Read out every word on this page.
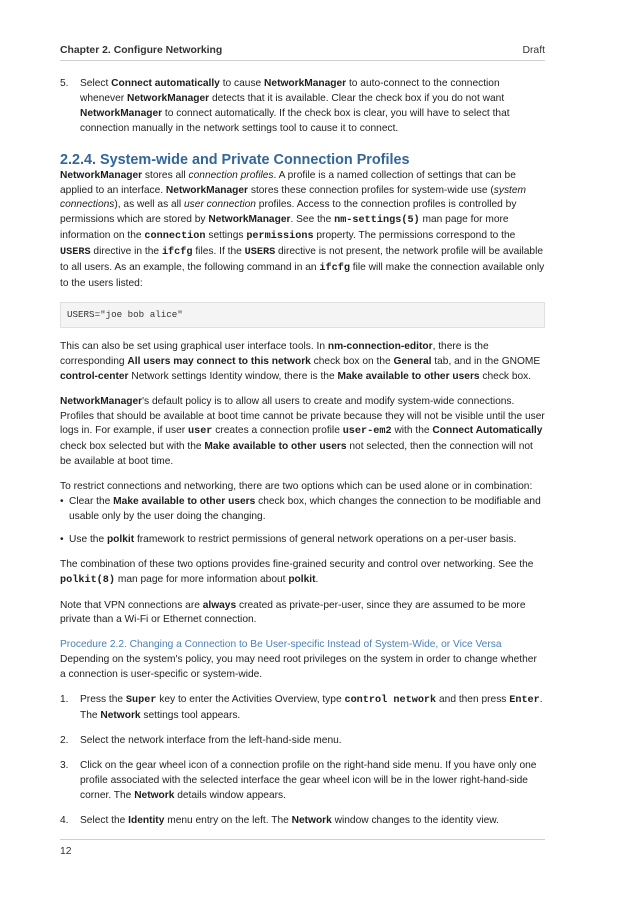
Chapter 2. Configure Networking	Draft
5. Select Connect automatically to cause NetworkManager to auto-connect to the connection whenever NetworkManager detects that it is available. Clear the check box if you do not want NetworkManager to connect automatically. If the check box is clear, you will have to select that connection manually in the network settings tool to cause it to connect.

2.2.4. System-wide and Private Connection Profiles

NetworkManager stores all connection profiles. A profile is a named collection of settings that can be applied to an interface. NetworkManager stores these connection profiles for system-wide use (system connections), as well as all user connection profiles. Access to the connection profiles is controlled by permissions which are stored by NetworkManager. See the nm-settings(5) man page for more information on the connection settings permissions property. The permissions correspond to the USERS directive in the ifcfg files. If the USERS directive is not present, the network profile will be available to all users. As an example, the following command in an ifcfg file will make the connection available only to the users listed:

USERS="joe bob alice"

This can also be set using graphical user interface tools. In nm-connection-editor, there is the corresponding All users may connect to this network check box on the General tab, and in the GNOME control-center Network settings Identity window, there is the Make available to other users check box.

NetworkManager's default policy is to allow all users to create and modify system-wide connections. Profiles that should be available at boot time cannot be private because they will not be visible until the user logs in. For example, if user user creates a connection profile user-em2 with the Connect Automatically check box selected but with the Make available to other users not selected, then the connection will not be available at boot time.

To restrict connections and networking, there are two options which can be used alone or in combination:

• Clear the Make available to other users check box, which changes the connection to be modifiable and usable only by the user doing the changing.

• Use the polkit framework to restrict permissions of general network operations on a per-user basis.

The combination of these two options provides fine-grained security and control over networking. See the polkit(8) man page for more information about polkit.

Note that VPN connections are always created as private-per-user, since they are assumed to be more private than a Wi-Fi or Ethernet connection.

Procedure 2.2. Changing a Connection to Be User-specific Instead of System-Wide, or Vice Versa

Depending on the system's policy, you may need root privileges on the system in order to change whether a connection is user-specific or system-wide.

1. Press the Super key to enter the Activities Overview, type control network and then press Enter. The Network settings tool appears.

2. Select the network interface from the left-hand-side menu.

3. Click on the gear wheel icon of a connection profile on the right-hand side menu. If you have only one profile associated with the selected interface the gear wheel icon will be in the lower right-hand-side corner. The Network details window appears.

4. Select the Identity menu entry on the left. The Network window changes to the identity view.

12
